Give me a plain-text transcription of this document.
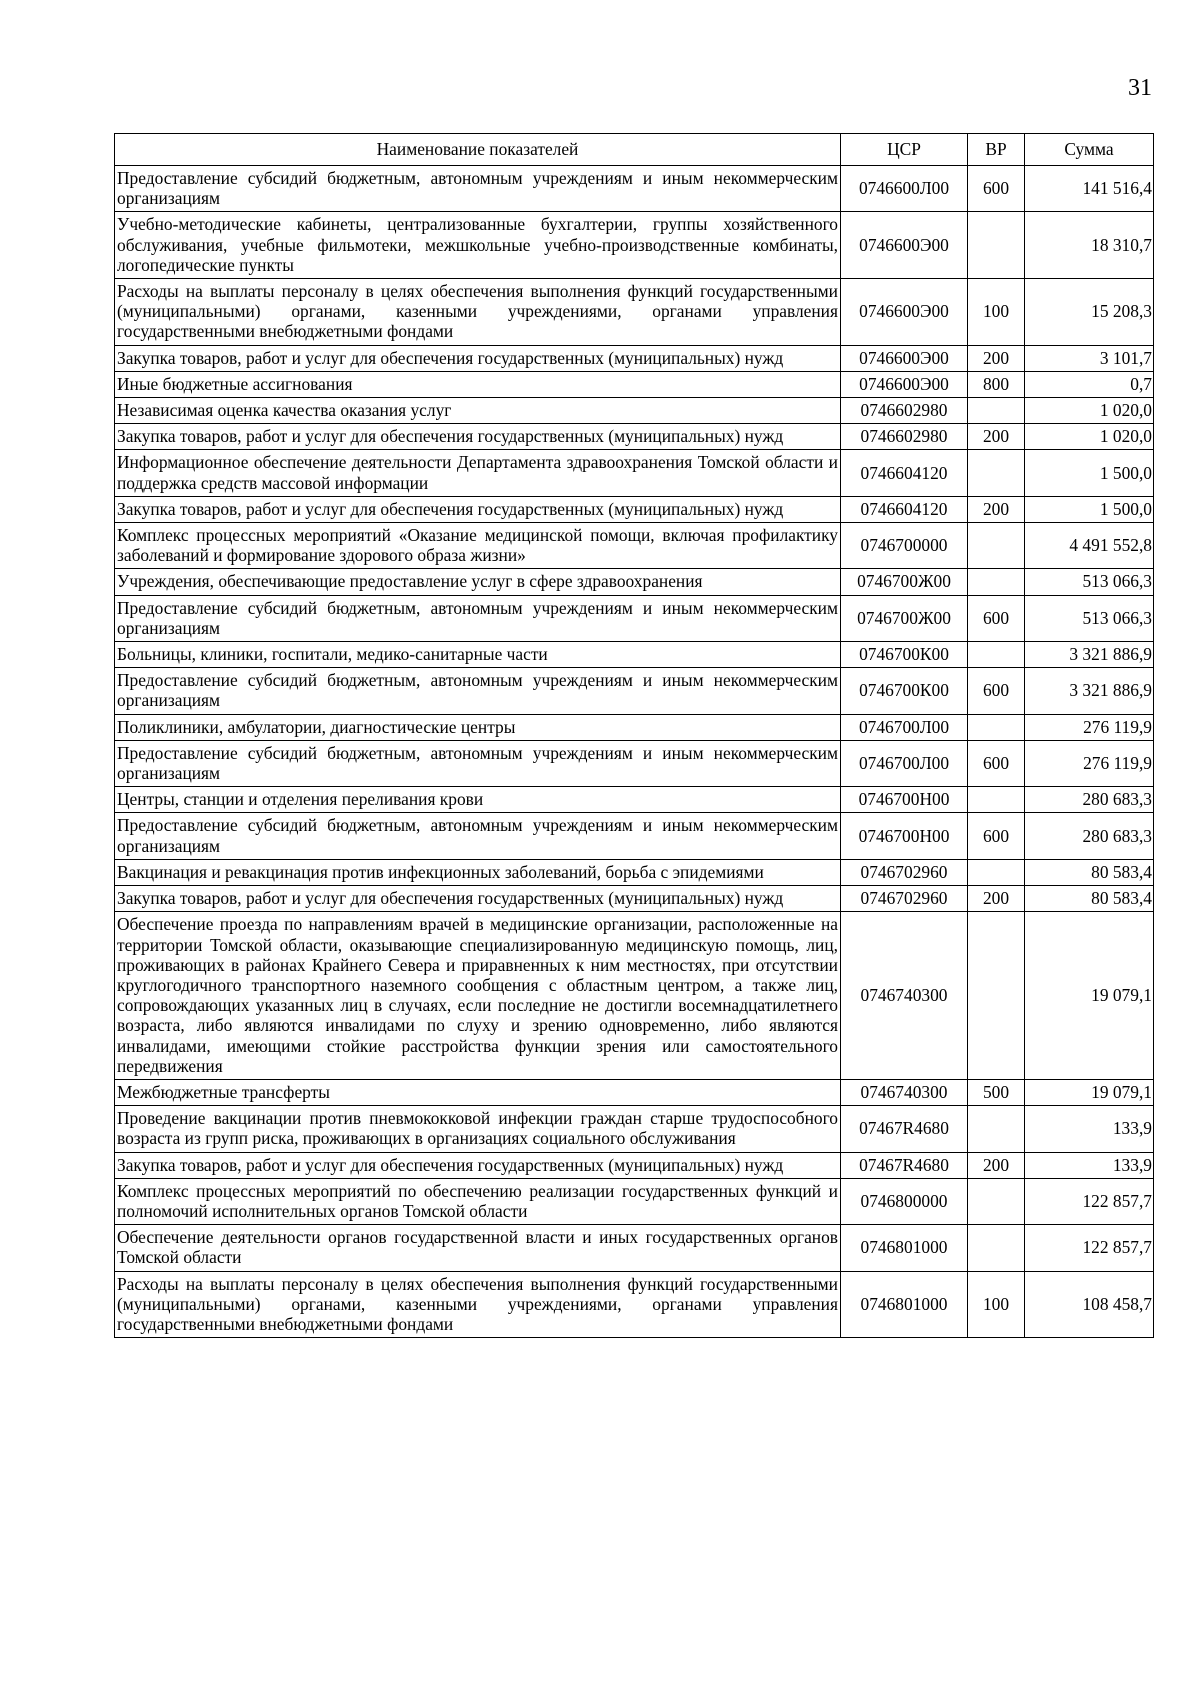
31
Наименование показателей	ЦСР	ВР	Сумма
Предоставление субсидий бюджетным, автономным учреждениям и иным некоммерческим организациям	0746600Л00	600	141 516,4
Учебно-методические кабинеты, централизованные бухгалтерии, группы хозяйственного обслуживания, учебные фильмотеки, межшкольные учебно-производственные комбинаты, логопедические пункты	0746600Э00		18 310,7
Расходы на выплаты персоналу в целях обеспечения выполнения функций государственными (муниципальными) органами, казенными учреждениями, органами управления государственными внебюджетными фондами	0746600Э00	100	15 208,3
Закупка товаров, работ и услуг для обеспечения государственных (муниципальных) нужд	0746600Э00	200	3 101,7
Иные бюджетные ассигнования	0746600Э00	800	0,7
Независимая оценка качества оказания услуг	0746602980		1 020,0
Закупка товаров, работ и услуг для обеспечения государственных (муниципальных) нужд	0746602980	200	1 020,0
Информационное обеспечение деятельности Департамента здравоохранения Томской области и поддержка средств массовой информации	0746604120		1 500,0
Закупка товаров, работ и услуг для обеспечения государственных (муниципальных) нужд	0746604120	200	1 500,0
Комплекс процессных мероприятий «Оказание медицинской помощи, включая профилактику заболеваний и формирование здорового образа жизни»	0746700000		4 491 552,8
Учреждения, обеспечивающие предоставление услуг в сфере здравоохранения	0746700Ж00		513 066,3
Предоставление субсидий бюджетным, автономным учреждениям и иным некоммерческим организациям	0746700Ж00	600	513 066,3
Больницы, клиники, госпитали, медико-санитарные части	0746700К00		3 321 886,9
Предоставление субсидий бюджетным, автономным учреждениям и иным некоммерческим организациям	0746700К00	600	3 321 886,9
Поликлиники, амбулатории, диагностические центры	0746700Л00		276 119,9
Предоставление субсидий бюджетным, автономным учреждениям и иным некоммерческим организациям	0746700Л00	600	276 119,9
Центры, станции и отделения переливания крови	0746700Н00		280 683,3
Предоставление субсидий бюджетным, автономным учреждениям и иным некоммерческим организациям	0746700Н00	600	280 683,3
Вакцинация и ревакцинация против инфекционных заболеваний, борьба с эпидемиями	0746702960		80 583,4
Закупка товаров, работ и услуг для обеспечения государственных (муниципальных) нужд	0746702960	200	80 583,4
Обеспечение проезда по направлениям врачей в медицинские организации, расположенные на территории Томской области, оказывающие специализированную медицинскую помощь, лиц, проживающих в районах Крайнего Севера и приравненных к ним местностях, при отсутствии круглогодичного транспортного наземного сообщения с областным центром, а также лиц, сопровождающих указанных лиц в случаях, если последние не достигли восемнадцатилетнего возраста, либо являются инвалидами по слуху и зрению одновременно, либо являются инвалидами, имеющими стойкие расстройства функции зрения или самостоятельного передвижения	0746740300		19 079,1
Межбюджетные трансферты	0746740300	500	19 079,1
Проведение вакцинации против пневмококковой инфекции граждан старше трудоспособного возраста из групп риска, проживающих в организациях социального обслуживания	07467R4680		133,9
Закупка товаров, работ и услуг для обеспечения государственных (муниципальных) нужд	07467R4680	200	133,9
Комплекс процессных мероприятий по обеспечению реализации государственных функций и полномочий исполнительных органов Томской области	0746800000		122 857,7
Обеспечение деятельности органов государственной власти и иных государственных органов Томской области	0746801000		122 857,7
Расходы на выплаты персоналу в целях обеспечения выполнения функций государственными (муниципальными) органами, казенными учреждениями, органами управления государственными внебюджетными фондами	0746801000	100	108 458,7
